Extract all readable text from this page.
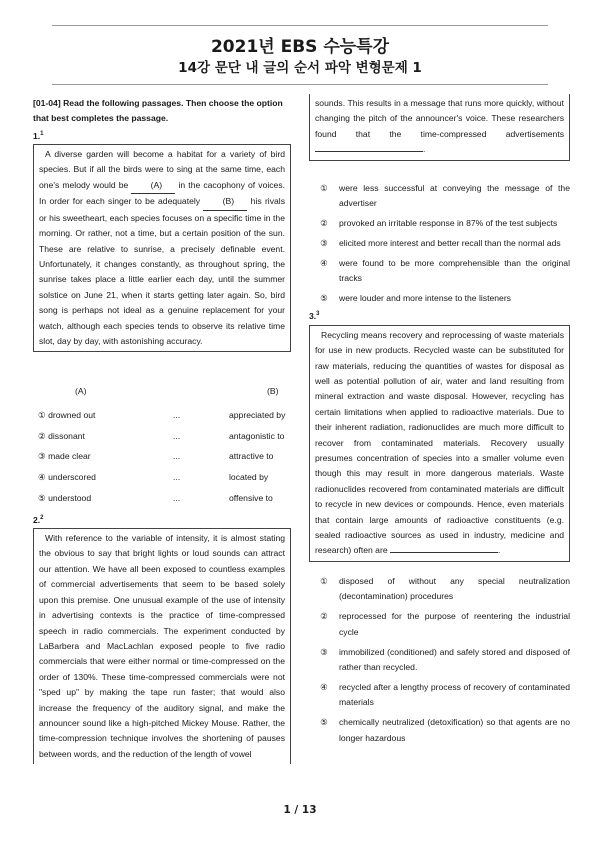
2021년 EBS 수능특강
14강 문단 내 글의 순서 파악 변형문제 1
[01-04] Read the following passages. Then choose the option that best completes the passage.
1.$^1$

A diverse garden will become a habitat for a variety of bird species. But if all the birds were to sing at the same time, each one's melody would be	(A) in the cacophony of voices. In order for each singer to be adequately	(B) his rivals or his sweetheart, each species focuses on a specific time in the morning. Or rather, not a time, but a certain position of the sun. These are relative to sunrise, a precisely definable event. Unfortunately, it changes constantly, as throughout spring, the sunrise takes place a little earlier each day, until the summer solstice on June 21, when it starts getting later again. So, bird song is perhaps not ideal as a genuine replacement for your watch, although each species tends to observe its relative time slot, day by day, with astonishing accuracy.

(A)		(B)
① drowned out	...	appreciated by
② dissonant	...	antagonistic to
③ made clear	...	attractive to
④ underscored	...	located by
⑤ understood	...	offensive to
2.$^2$

With reference to the variable of intensity, it is almost stating the obvious to say that bright lights or loud sounds can attract our attention. We have all been exposed to countless examples of commercial advertisements that seem to be based solely upon this premise. One unusual example of the use of intensity in advertising contexts is the practice of time-compressed speech in radio commercials. The experiment conducted by LaBarbera and MacLachlan exposed people to five radio commercials that were either normal or time-compressed on the order of 130%. These time-compressed commercials were not "sped up" by making the tape run faster; that would also increase the frequency of the auditory signal, and make the announcer sound like a high-pitched Mickey Mouse. Rather, the time-compression technique involves the shortening of pauses between words, and the reduction of the length of vowel

sounds. This results in a message that runs more quickly, without changing the pitch of the announcer's voice. These researchers found that the time-compressed advertisements .

①	were less successful at conveying the message of the advertiser
②	provoked an irritable response in 87% of the test subjects
③	elicited more interest and better recall than the normal ads
④	were found to be more comprehensible than the original tracks
⑤	were louder and more intense to the listeners
3.$^3$

Recycling means recovery and reprocessing of waste materials for use in new products. Recycled waste can be substituted for raw materials, reducing the quantities of wastes for disposal as well as potential pollution of air, water and land resulting from mineral extraction and waste disposal. However, recycling has certain limitations when applied to radioactive materials. Due to their inherent radiation, radionuclides are much more difficult to recover from contaminated materials. Recovery usually presumes concentration of species into a smaller volume even though this may result in more dangerous materials. Waste radionuclides recovered from contaminated materials are difficult to recycle in new devices or compounds. Hence, even materials that contain large amounts of radioactive constituents (e.g. sealed radioactive sources as used in industry, medicine and research) often are	.

①	disposed of without any special neutralization (decontamination) procedures
②	reprocessed for the purpose of reentering the industrial cycle
③	immobilized (conditioned) and safely stored and disposed of rather than recycled.
④	recycled after a lengthy process of recovery of contaminated materials
⑤	chemically neutralized (detoxification) so that agents are no longer hazardous
1 / 13
